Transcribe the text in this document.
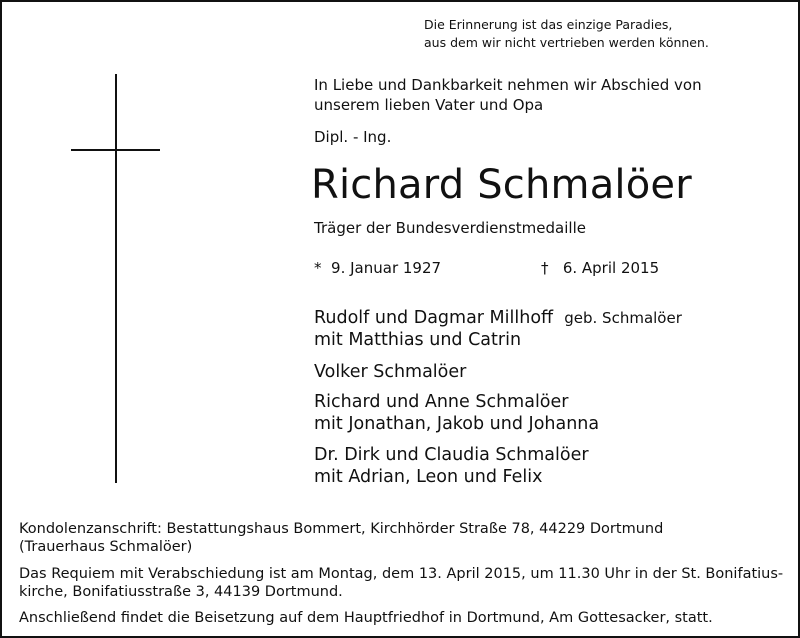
Die Erinnerung ist das einzige Paradies,
aus dem wir nicht vertrieben werden können.
In Liebe und Dankbarkeit nehmen wir Abschied von
unserem lieben Vater und Opa
Dipl. - Ing.
Richard Schmalöer
Träger der Bundesverdienstmedaille
* 9. Januar 1927	† 6. April 2015
Rudolf und Dagmar Millhoff geb. Schmalöer
mit Matthias und Catrin
Volker Schmalöer
Richard und Anne Schmalöer
mit Jonathan, Jakob und Johanna
Dr. Dirk und Claudia Schmalöer
mit Adrian, Leon und Felix
Kondolenzanschrift: Bestattungshaus Bommert, Kirchhörder Straße 78, 44229 Dortmund
(Trauerhaus Schmalöer)
Das Requiem mit Verabschiedung ist am Montag, dem 13. April 2015, um 11.30 Uhr in der St. Bonifatius-
kirche, Bonifatiusstraße 3, 44139 Dortmund.
Anschließend findet die Beisetzung auf dem Hauptfriedhof in Dortmund, Am Gottesacker, statt.
